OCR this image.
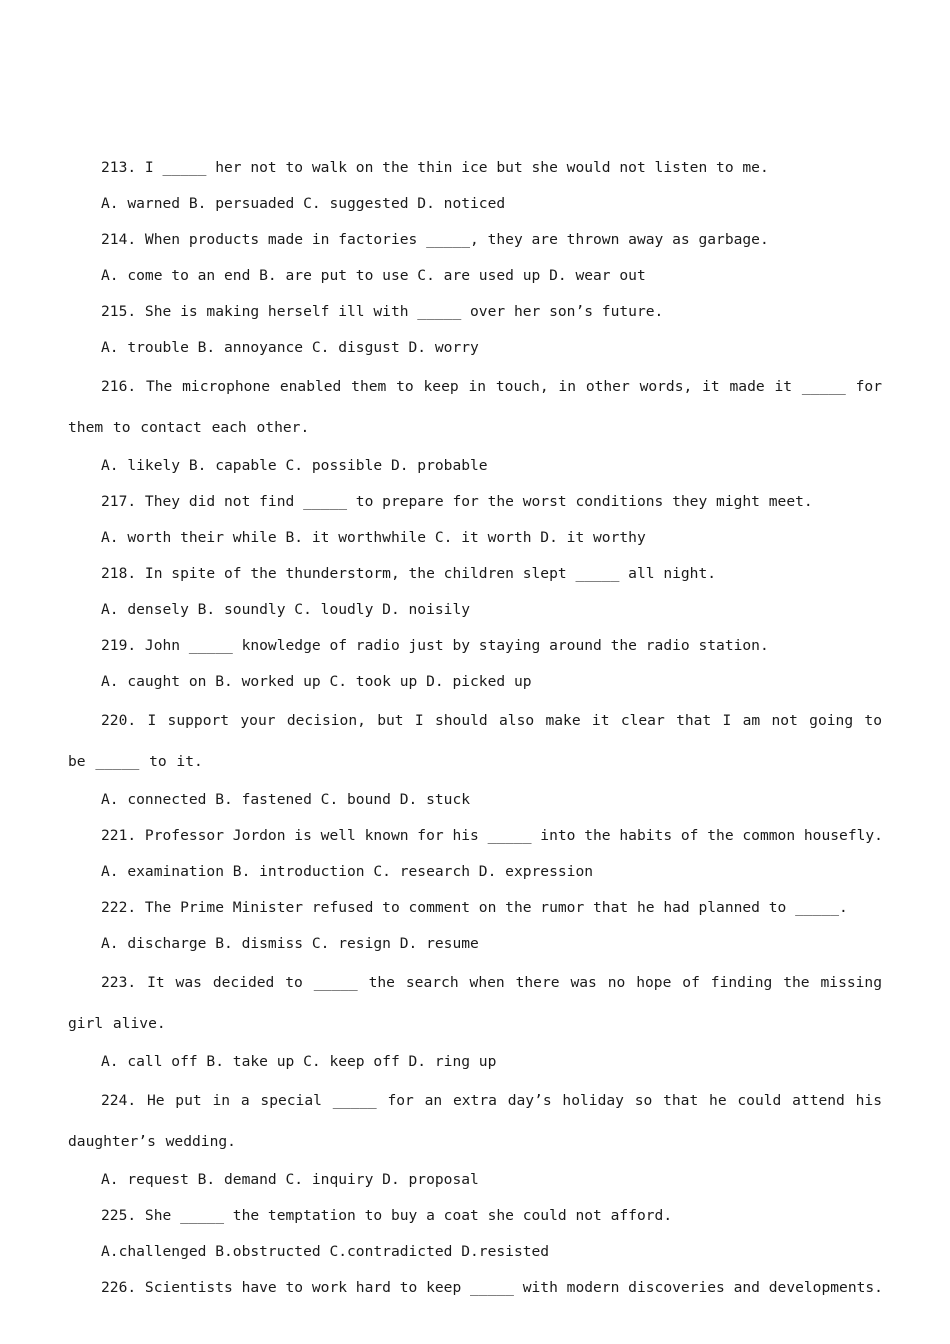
213. I _____ her not to walk on the thin ice but she would not listen to me.
A. warned B. persuaded C. suggested D. noticed
214. When products made in factories _____, they are thrown away as garbage.
A. come to an end B. are put to use C. are used up D. wear out
215. She is making herself ill with _____ over her son’s future.
A. trouble B. annoyance C. disgust D. worry
216. The microphone enabled them to keep in touch, in other words, it made it _____ for them to contact each other.
A. likely B. capable C. possible D. probable
217. They did not find _____ to prepare for the worst conditions they might meet.
A. worth their while B. it worthwhile C. it worth D. it worthy
218. In spite of the thunderstorm, the children slept _____ all night.
A. densely B. soundly C. loudly D. noisily
219. John _____ knowledge of radio just by staying around the radio station.
A. caught on B. worked up C. took up D. picked up
220. I support your decision, but I should also make it clear that I am not going to be _____ to it.
A. connected B. fastened C. bound D. stuck
221. Professor Jordon is well known for his _____ into the habits of the common housefly.
A. examination B. introduction C. research D. expression
222. The Prime Minister refused to comment on the rumor that he had planned to _____.
A. discharge B. dismiss C. resign D. resume
223. It was decided to _____ the search when there was no hope of finding the missing girl alive.
A. call off B. take up C. keep off D. ring up
224. He put in a special _____ for an extra day’s holiday so that he could attend his daughter’s wedding.
A. request B. demand C. inquiry D. proposal
225. She _____ the temptation to buy a coat she could not afford.
A.challenged B.obstructed C.contradicted D.resisted
226. Scientists have to work hard to keep _____ with modern discoveries and developments.
